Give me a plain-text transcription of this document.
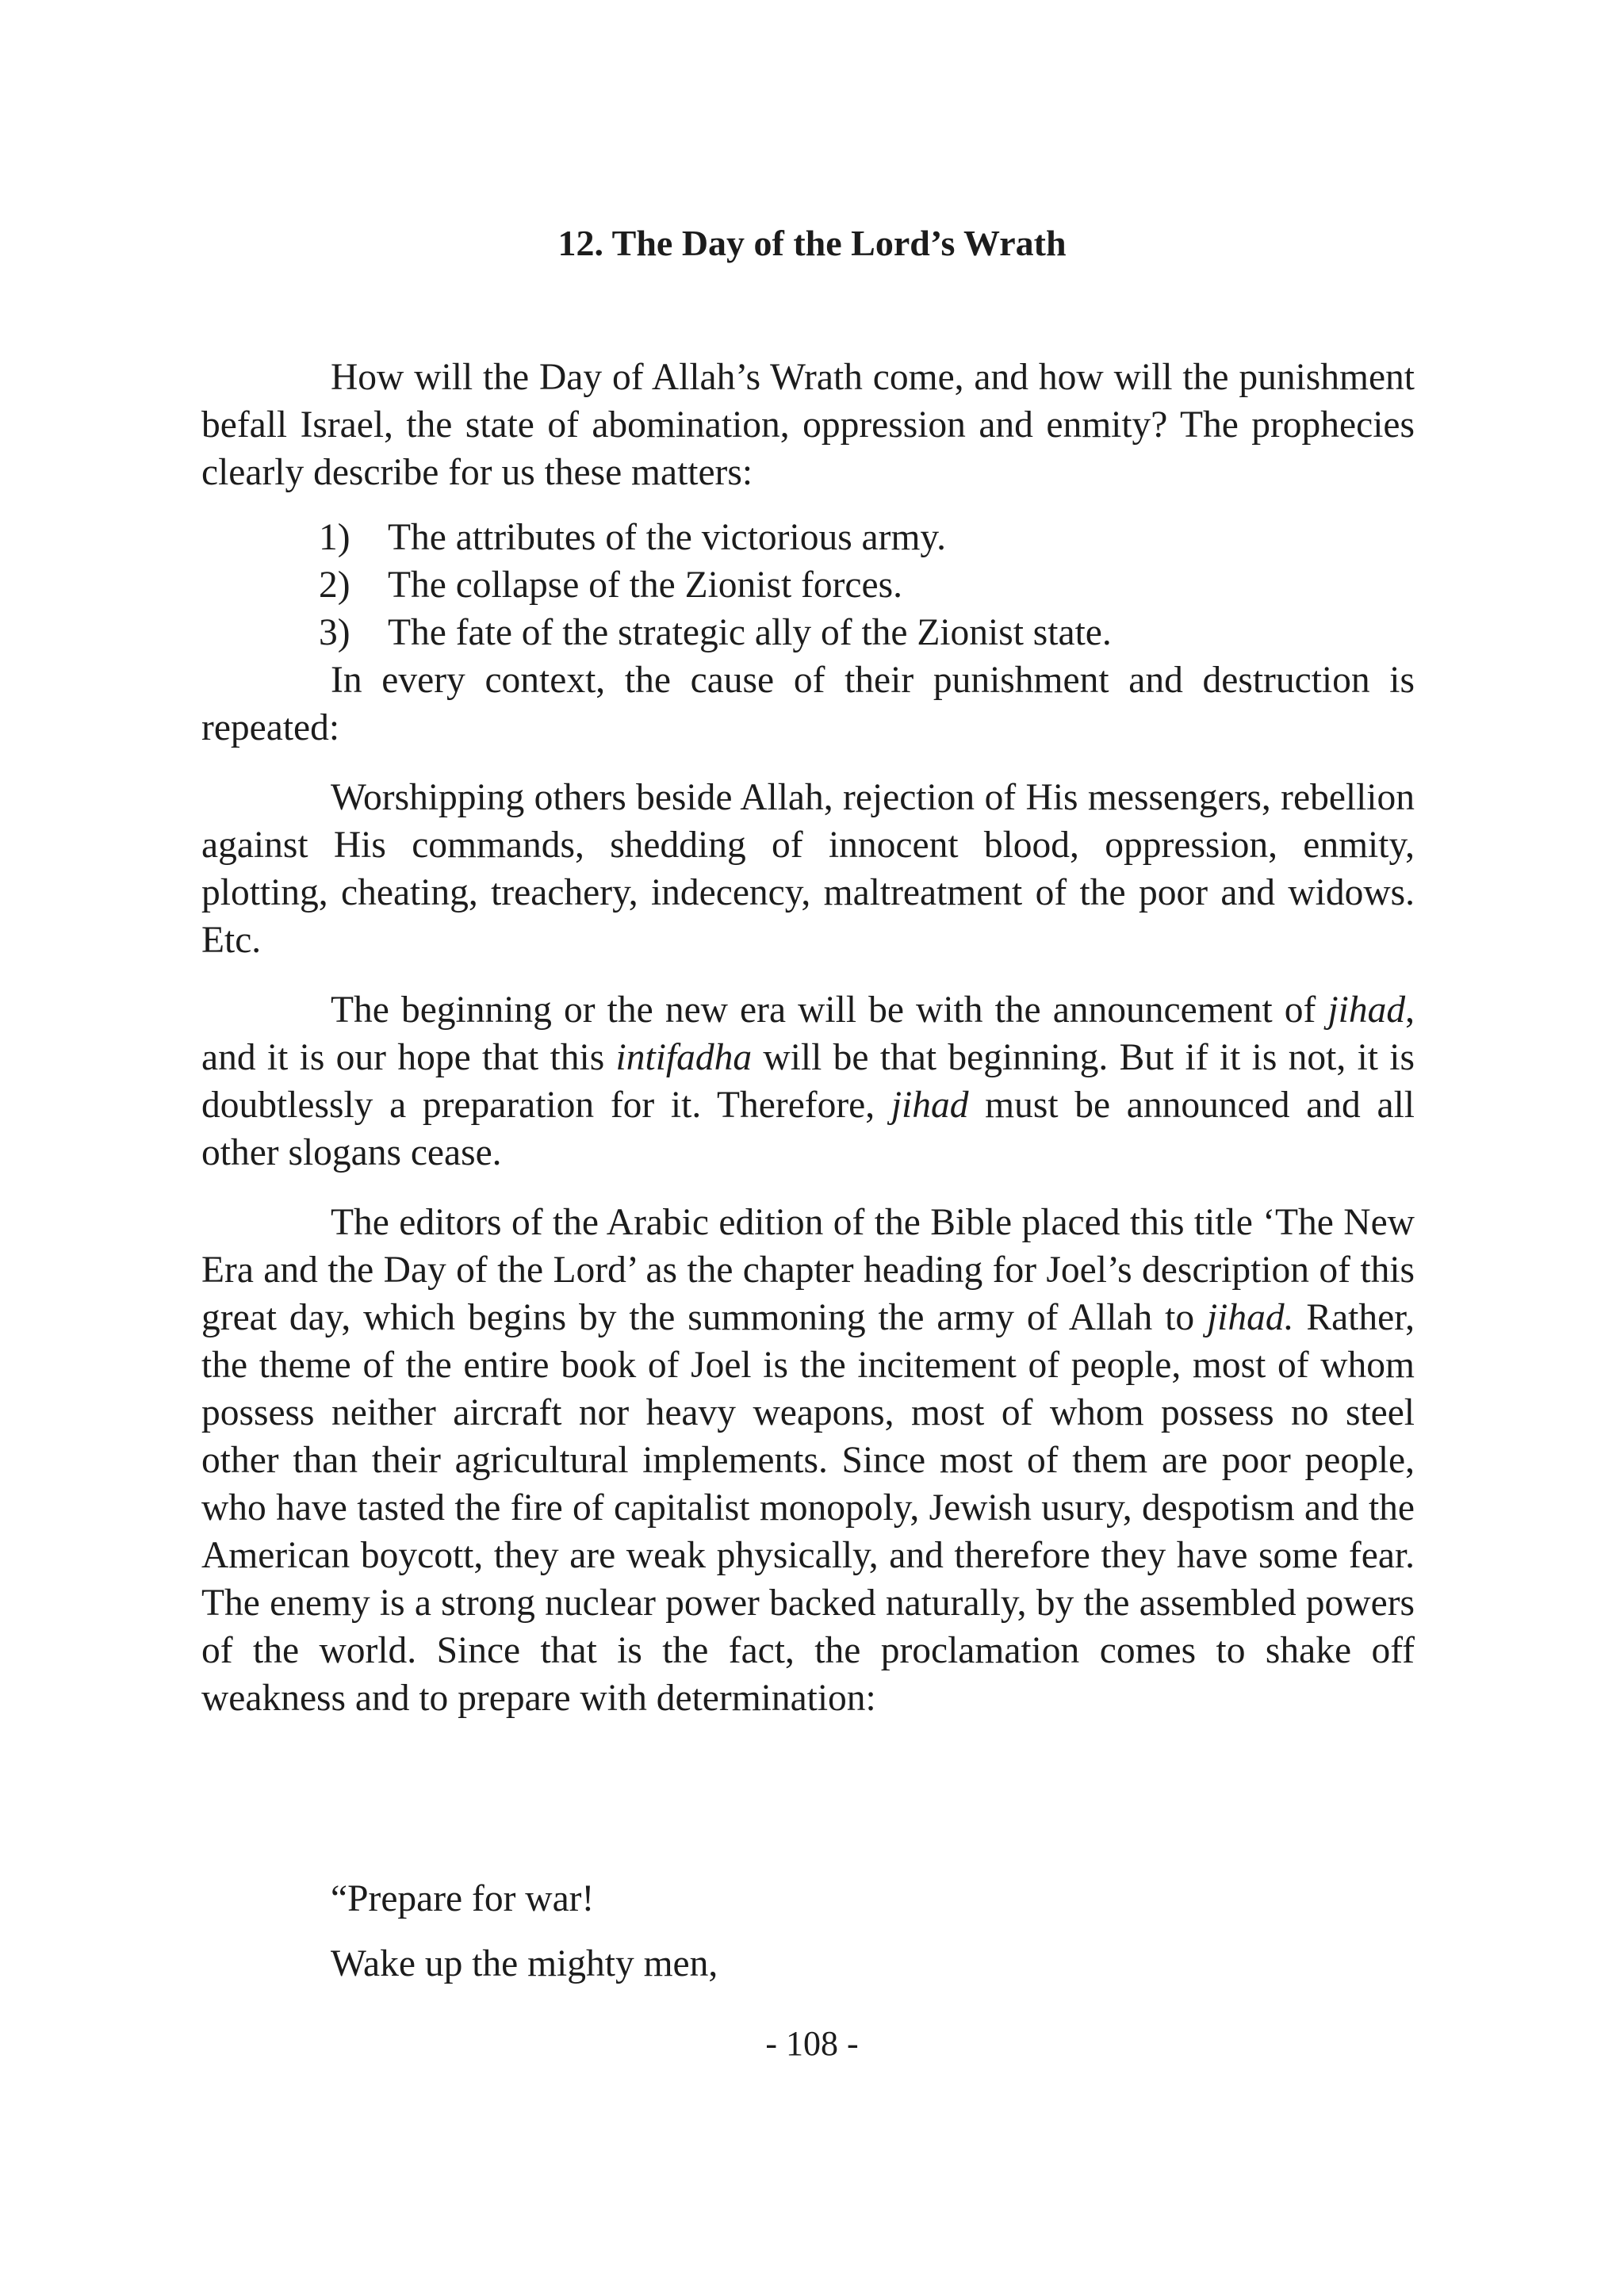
12. The Day of the Lord’s Wrath

How will the Day of Allah’s Wrath come, and how will the punishment befall Israel, the state of abomination, oppression and enmity? The prophecies clearly describe for us these matters:

1) The attributes of the victorious army.
2) The collapse of the Zionist forces.
3) The fate of the strategic ally of the Zionist state.

In every context, the cause of their punishment and destruction is repeated:

Worshipping others beside Allah, rejection of His messengers, rebellion against His commands, shedding of innocent blood, oppression, enmity, plotting, cheating, treachery, indecency, maltreatment of the poor and widows. Etc.

The beginning or the new era will be with the announcement of jihad, and it is our hope that this intifadha will be that beginning. But if it is not, it is doubtlessly a preparation for it. Therefore, jihad must be announced and all other slogans cease.

The editors of the Arabic edition of the Bible placed this title ‘The New Era and the Day of the Lord’ as the chapter heading for Joel’s description of this great day, which begins by the summoning the army of Allah to jihad. Rather, the theme of the entire book of Joel is the incitement of people, most of whom possess neither aircraft nor heavy weapons, most of whom possess no steel other than their agricultural implements. Since most of them are poor people, who have tasted the fire of capitalist monopoly, Jewish usury, despotism and the American boycott, they are weak physically, and therefore they have some fear. The enemy is a strong nuclear power backed naturally, by the assembled powers of the world. Since that is the fact, the proclamation comes to shake off weakness and to prepare with determination:

“Prepare for war!

Wake up the mighty men,

- 108 -
